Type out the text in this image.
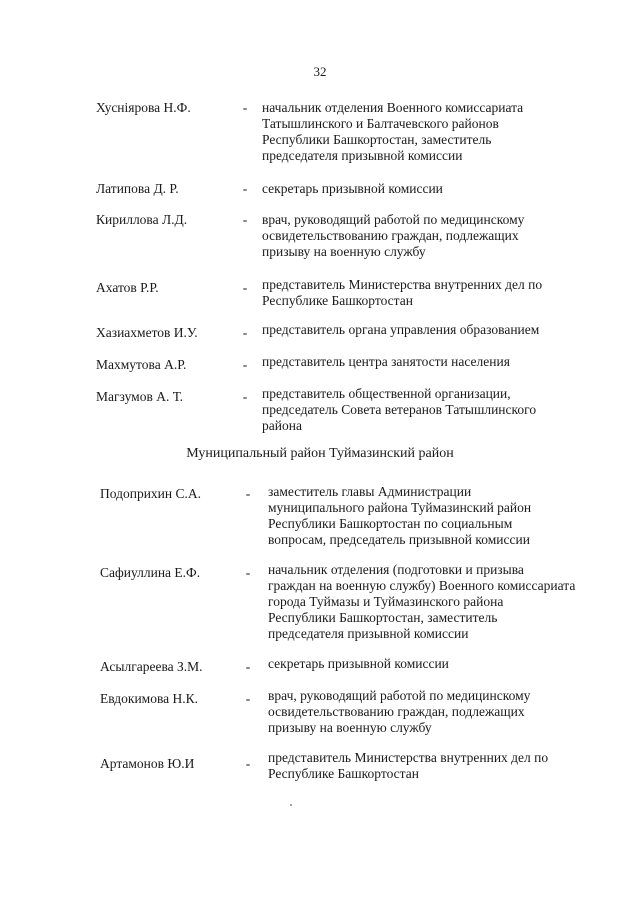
32
Хуснiярова Н.Ф.	- начальник отделения Военного комиссариата
Татышлинского и Балтачевского районов
Республики Башкортостан, заместитель
председателя призывной комиссии
Латипова Д. Р.	- секретарь призывной комиссии
Кириллова Л.Д.	- врач, руководящий работой по медицинскому
освидетельствованию граждан, подлежащих
призыву на военную службу
Ахатов Р.Р.	- представитель Министерства внутренних дел по
Республике Башкортостан
Хазиахметов И.У.	- представитель органа управления образованием
Махмутова А.Р.	- представитель центра занятости населения
Магзумов А. Т.	- представитель общественной организации,
председатель Совета ветеранов Татышлинского
района
Муниципальный район Туймазинский район
Подоприхин С.А.	- заместитель главы Администрации
муниципального района Туймазинский район
Республики Башкортостан по социальным
вопросам, председатель призывной комиссии
Сафиуллина Е.Ф.	- начальник отделения (подготовки и призыва
граждан на военную службу) Военного комиссариата
города Туймазы и Туймазинского района
Республики Башкортостан, заместитель
председателя призывной комиссии
Асылгареева З.М.	- секретарь призывной комиссии
Евдокимова Н.К.	- врач, руководящий работой по медицинскому
освидетельствованию граждан, подлежащих
призыву на военную службу
Артамонов Ю.И	- представитель Министерства внутренних дел по
Республике Башкортостан
